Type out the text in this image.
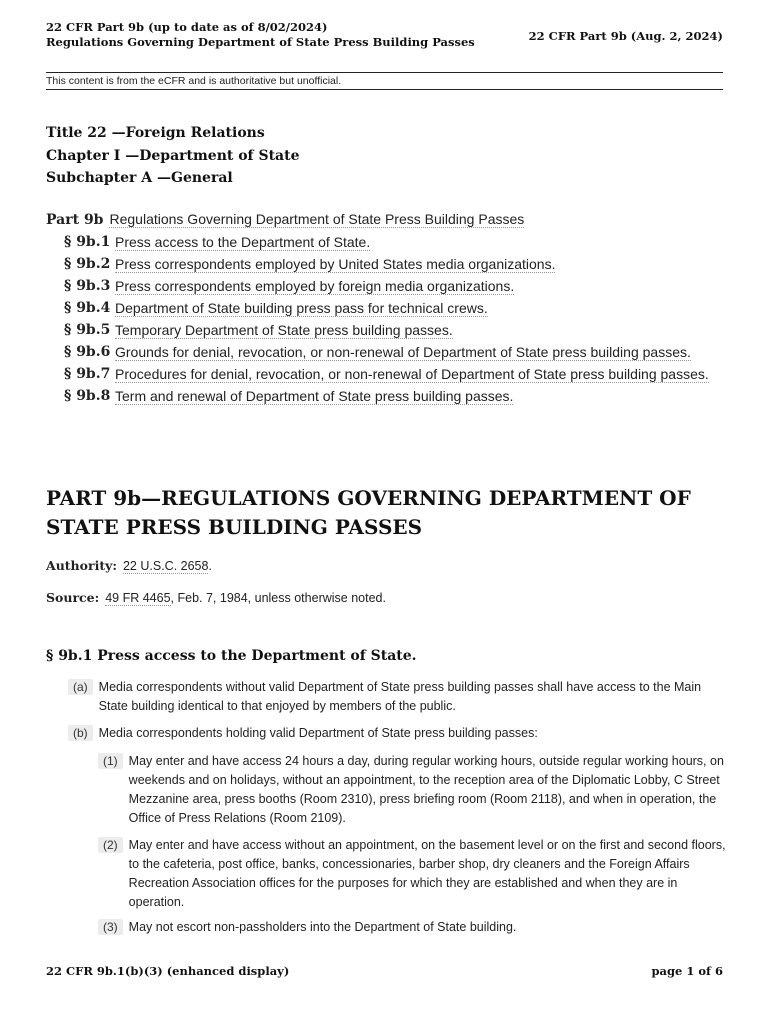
22 CFR Part 9b (up to date as of 8/02/2024)
Regulations Governing Department of State Press Building Passes	22 CFR Part 9b (Aug. 2, 2024)
This content is from the eCFR and is authoritative but unofficial.
Title 22 —Foreign Relations
Chapter I —Department of State
Subchapter A —General
Part 9b Regulations Governing Department of State Press Building Passes
§ 9b.1 Press access to the Department of State.
§ 9b.2 Press correspondents employed by United States media organizations.
§ 9b.3 Press correspondents employed by foreign media organizations.
§ 9b.4 Department of State building press pass for technical crews.
§ 9b.5 Temporary Department of State press building passes.
§ 9b.6 Grounds for denial, revocation, or non-renewal of Department of State press building passes.
§ 9b.7 Procedures for denial, revocation, or non-renewal of Department of State press building passes.
§ 9b.8 Term and renewal of Department of State press building passes.
PART 9b—REGULATIONS GOVERNING DEPARTMENT OF STATE PRESS BUILDING PASSES
Authority: 22 U.S.C. 2658.
Source: 49 FR 4465, Feb. 7, 1984, unless otherwise noted.
§ 9b.1 Press access to the Department of State.
(a) Media correspondents without valid Department of State press building passes shall have access to the Main State building identical to that enjoyed by members of the public.
(b) Media correspondents holding valid Department of State press building passes:
(1) May enter and have access 24 hours a day, during regular working hours, outside regular working hours, on weekends and on holidays, without an appointment, to the reception area of the Diplomatic Lobby, C Street Mezzanine area, press booths (Room 2310), press briefing room (Room 2118), and when in operation, the Office of Press Relations (Room 2109).
(2) May enter and have access without an appointment, on the basement level or on the first and second floors, to the cafeteria, post office, banks, concessionaries, barber shop, dry cleaners and the Foreign Affairs Recreation Association offices for the purposes for which they are established and when they are in operation.
(3) May not escort non-passholders into the Department of State building.
22 CFR 9b.1(b)(3) (enhanced display)	page 1 of 6
